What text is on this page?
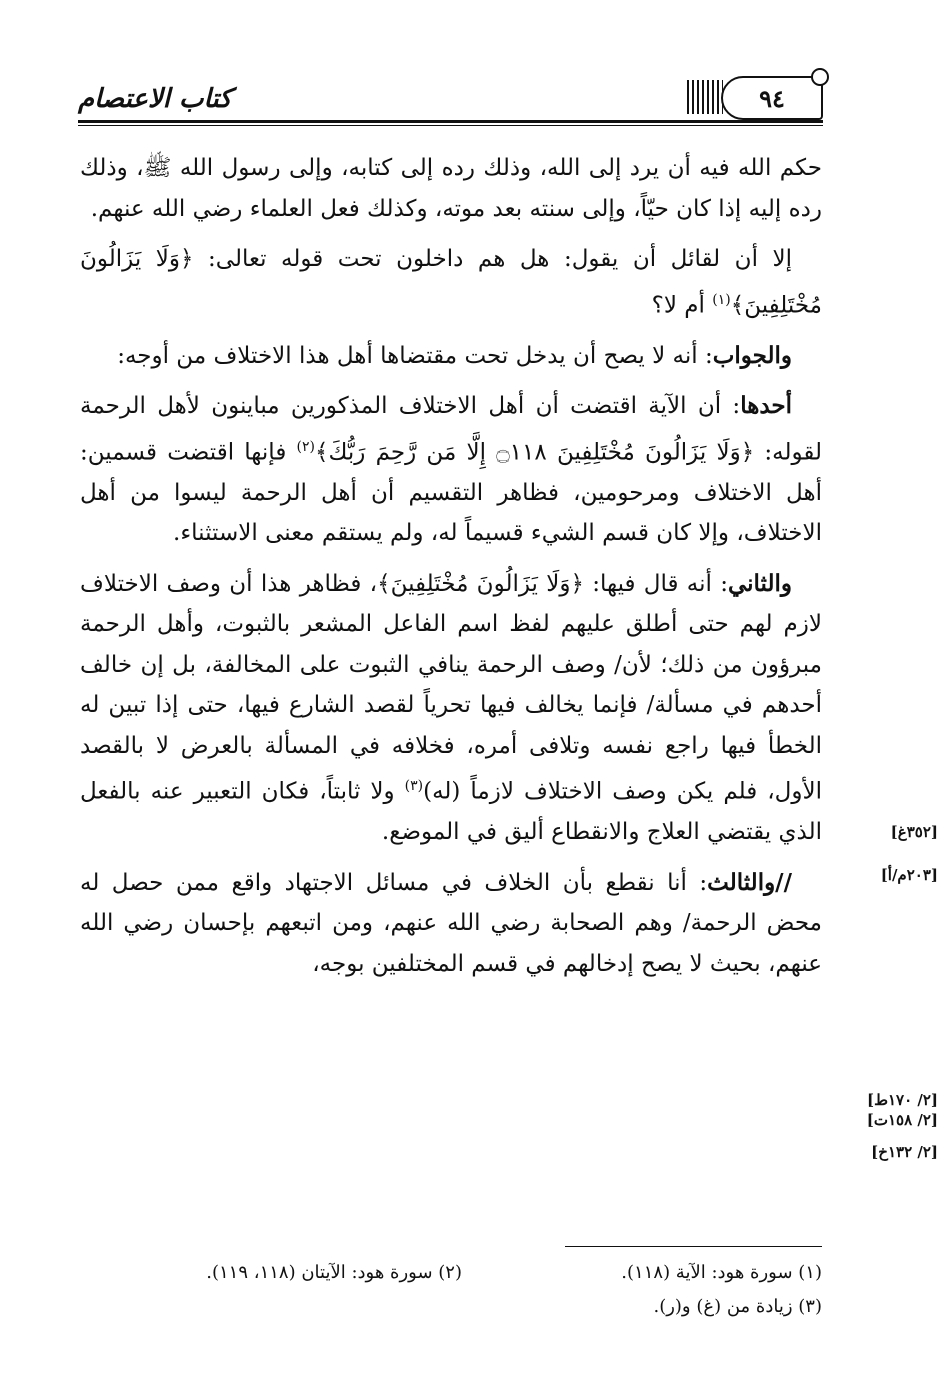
كتاب الاعتصام	٩٤

حكم الله فيه أن يرد إلى الله، وذلك رده إلى كتابه، وإلى رسول الله ﷺ، وذلك رده إليه إذا كان حيّاً، وإلى سنته بعد موته، وكذلك فعل العلماء رضي الله عنهم.

إلا أن لقائل أن يقول: هل هم داخلون تحت قوله تعالى: ﴿وَلَا يَزَالُونَ مُخْتَلِفِينَ﴾$^{(١)}$ أم لا؟

والجواب: أنه لا يصح أن يدخل تحت مقتضاها أهل هذا الاختلاف من أوجه:

أحدها: أن الآية اقتضت أن أهل الاختلاف المذكورين مباينون لأهل الرحمة لقوله: ﴿وَلَا يَزَالُونَ مُخْتَلِفِينَ ۝١١٨ إِلَّا مَن رَّحِمَ رَبُّكَ﴾$^{(٢)}$ فإنها اقتضت قسمين: أهل الاختلاف ومرحومين، فظاهر التقسيم أن أهل الرحمة ليسوا من أهل الاختلاف، وإلا كان قسم الشيء قسيماً له، ولم يستقم معنى الاستثناء.

والثاني: أنه قال فيها: ﴿وَلَا يَزَالُونَ مُخْتَلِفِينَ﴾، فظاهر هذا أن وصف الاختلاف لازم لهم حتى أطلق عليهم لفظ اسم الفاعل المشعر بالثبوت، وأهل الرحمة مبرؤون من ذلك؛ لأن/ وصف الرحمة ينافي الثبوت على المخالفة، بل إن خالف أحدهم في مسألة/ فإنما يخالف فيها تحرياً لقصد الشارع فيها، حتى إذا تبين له الخطأ فيها راجع نفسه وتلافى أمره، فخلافه في المسألة بالعرض لا بالقصد الأول، فلم يكن وصف الاختلاف لازماً (له)$^{(٣)}$ ولا ثابتاً، فكان التعبير عنه بالفعل الذي يقتضي العلاج والانقطاع أليق في الموضع.

//والثالث: أنا نقطع بأن الخلاف في مسائل الاجتهاد واقع ممن حصل له محض الرحمة/ وهم الصحابة رضي الله عنهم، ومن اتبعهم بإحسان رضي الله عنهم، بحيث لا يصح إدخالهم في قسم المختلفين بوجه،

[٣٥٢غ]
[٢٠٣م/أ]
[٢/ ١٧٠ط]
[٢/ ١٥٨ت]
[٢/ ١٣٢خ]
(١) سورة هود: الآية (١١٨).
(٢) سورة هود: الآيتان (١١٨، ١١٩).
(٣) زيادة من (غ) و(ر).
